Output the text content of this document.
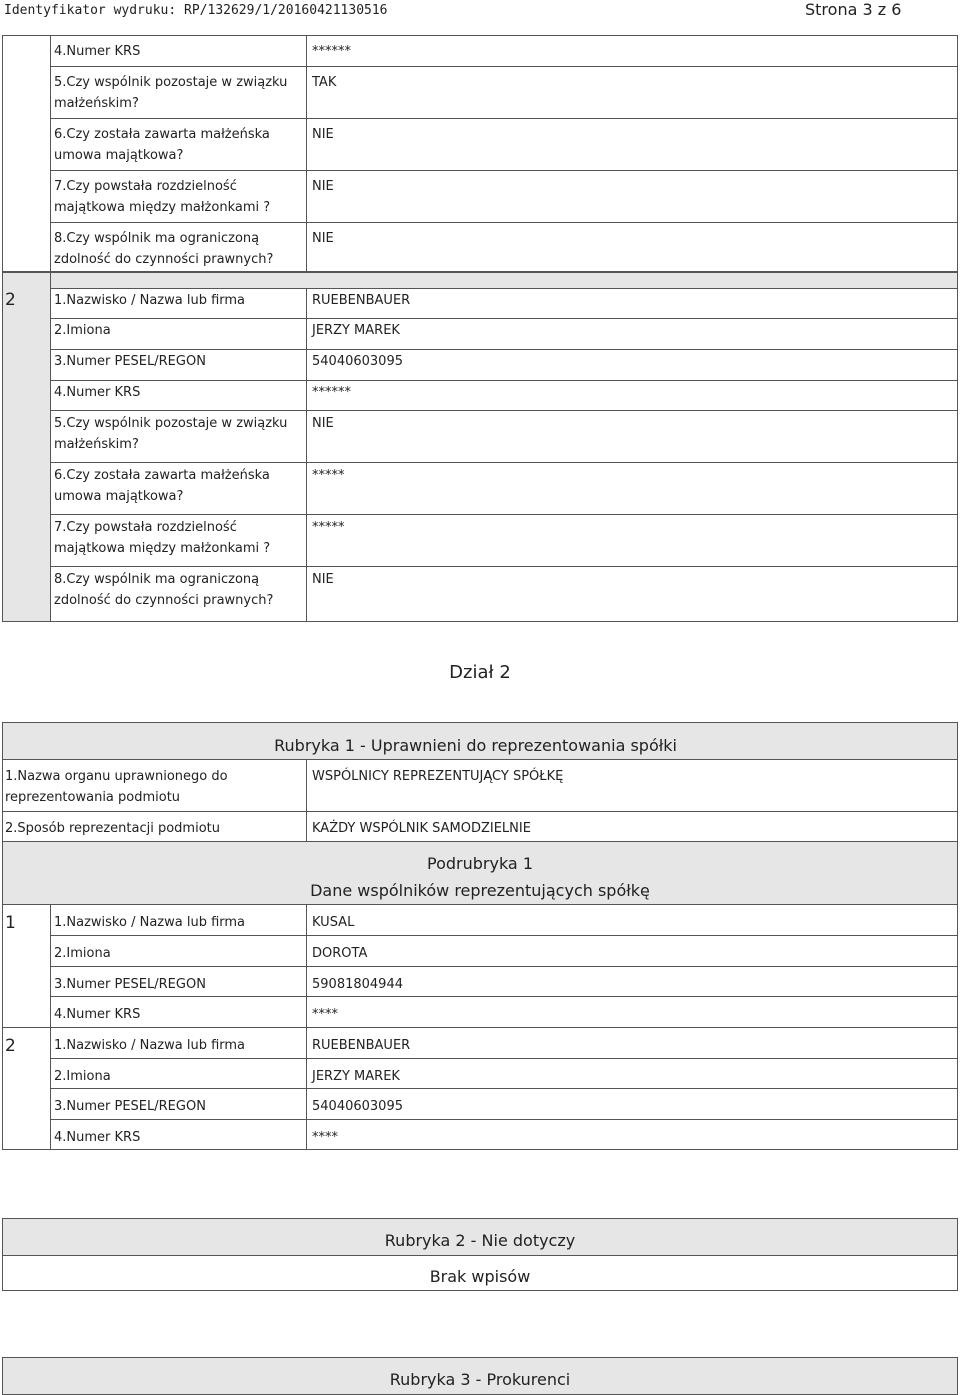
Identyfikator wydruku: RP/132629/1/20160421130516	Strona 3 z 6
4.Numer KRS	******
5.Czy wspólnik pozostaje w związku małżeńskim?
TAK
6.Czy została zawarta małżeńska umowa majątkowa?
NIE
7.Czy powstała rozdzielność majątkowa między małżonkami ?
NIE
8.Czy wspólnik ma ograniczoną zdolność do czynności prawnych?
NIE
2	1.Nazwisko / Nazwa lub firma	RUEBENBAUER
2.Imiona	JERZY MAREK
3.Numer PESEL/REGON	54040603095
4.Numer KRS	******
5.Czy wspólnik pozostaje w związku małżeńskim?
NIE
6.Czy została zawarta małżeńska umowa majątkowa?
*****
7.Czy powstała rozdzielność majątkowa między małżonkami ?
*****
8.Czy wspólnik ma ograniczoną zdolność do czynności prawnych?
NIE
Dział 2
Rubryka 1 - Uprawnieni do reprezentowania spółki
1.Nazwa organu uprawnionego do reprezentowania podmiotu
WSPÓLNICY REPREZENTUJĄCY SPÓŁKĘ
2.Sposób reprezentacji podmiotu	KAŻDY WSPÓLNIK SAMODZIELNIE
Podrubryka 1
Dane wspólników reprezentujących spółkę
1	1.Nazwisko / Nazwa lub firma	KUSAL
2.Imiona	DOROTA
3.Numer PESEL/REGON	59081804944
4.Numer KRS	****
2	1.Nazwisko / Nazwa lub firma	RUEBENBAUER
2.Imiona	JERZY MAREK
3.Numer PESEL/REGON	54040603095
4.Numer KRS	****
Rubryka 2 - Nie dotyczy
Brak wpisów
Rubryka 3 - Prokurenci
